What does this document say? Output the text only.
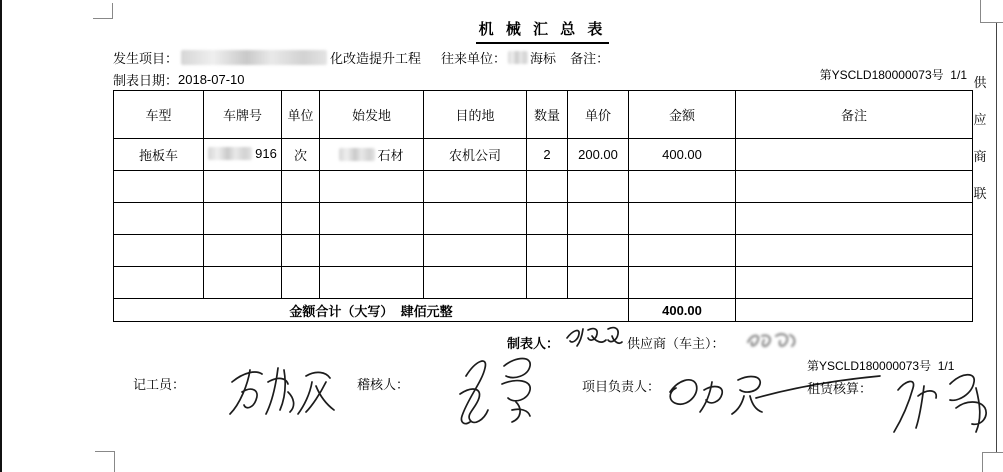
机 械 汇 总 表
发生项目：	化改造提升工程 往来单位： 海标 备注：
制表日期： 2018-07-10	第YSCLD180000073号  1/1 供应商联
车型	车牌号	单位	始发地	目的地	数量	单价	金额	备注
拖板车	916	次	石材	农机公司	2	200.00	400.00	

金额合计（大写）  肆佰元整							400.00	
制表人：	供应商（车主）：
记工员：	稽核人：	项目负责人：
第YSCLD180000073号  1/1
租赁核算：
